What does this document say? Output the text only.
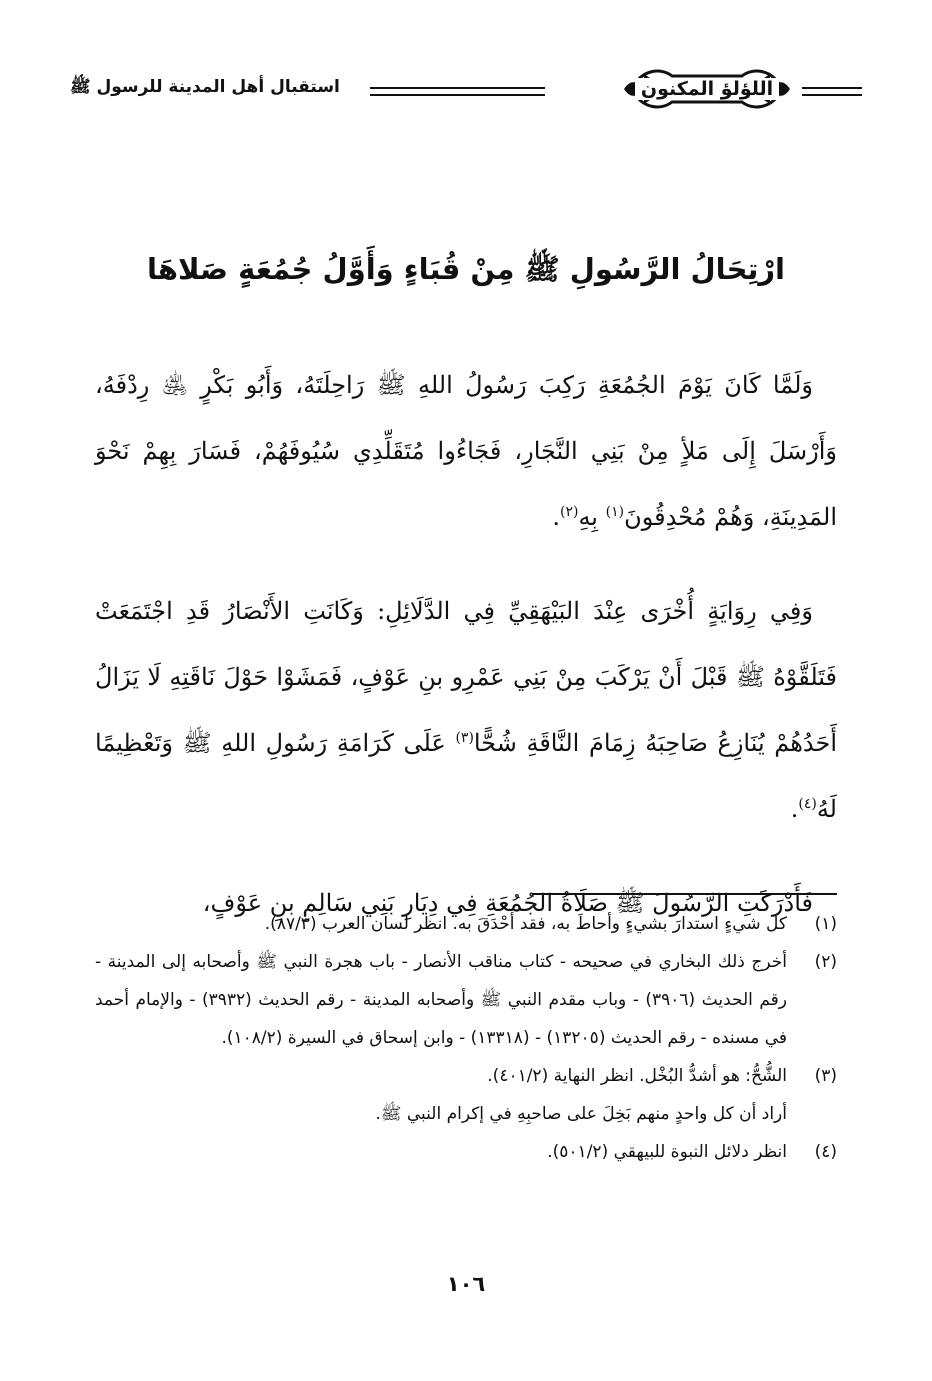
اللؤلؤ المكنون
استقبال أهل المدينة للرسول ﷺ
ارْتِحَالُ الرَّسُولِ ﷺ مِنْ قُبَاءٍ وَأَوَّلُ جُمُعَةٍ صَلاهَا

وَلَمَّا كَانَ يَوْمَ الجُمُعَةِ رَكِبَ رَسُولُ اللهِ ﷺ رَاحِلَتَهُ، وَأَبُو بَكْرٍ ﵁ رِدْفَهُ، وَأَرْسَلَ إِلَى مَلأٍ مِنْ بَنِي النَّجَارِ، فَجَاءُوا مُتَقَلِّدِي سُيُوفَهُمْ، فَسَارَ بِهِمْ نَحْوَ المَدِينَةِ، وَهُمْ مُحْدِقُونَ$^{(١)}$ بِهِ$^{(٢)}$.

وَفِي رِوَايَةٍ أُخْرَى عِنْدَ البَيْهَقِيِّ فِي الدَّلَائِلِ: وَكَانَتِ الأَنْصَارُ قَدِ اجْتَمَعَتْ فَتَلَقَّوْهُ ﷺ قَبْلَ أَنْ يَرْكَبَ مِنْ بَنِي عَمْرِو بنِ عَوْفٍ، فَمَشَوْا حَوْلَ نَاقَتِهِ لَا يَزَالُ أَحَدُهُمْ يُنَازِعُ صَاحِبَهُ زِمَامَ النَّاقَةِ شُحًّا$^{(٣)}$ عَلَى كَرَامَةِ رَسُولِ اللهِ ﷺ وَتَعْظِيمًا لَهُ$^{(٤)}$.

فَأَدْرَكَتِ الرَّسُولَ ﷺ صَلَاةُ الجُمُعَةِ فِي دِيَارِ بَنِي سَالِمِ بنِ عَوْفٍ،

(١)
كل شيءٍ استدارَ بشيءٍ وأحاطَ به، فقد أحْدَقَ به. انظر لسان العرب (٨٧/٣).
(٢)
أخرج ذلك البخاري في صحيحه - كتاب مناقب الأنصار - باب هجرة النبي ﷺ وأصحابه إلى المدينة - رقم الحديث (٣٩٠٦) - وباب مقدم النبي ﷺ وأصحابه المدينة - رقم الحديث (٣٩٣٢) - والإمام أحمد في مسنده - رقم الحديث (١٣٢٠٥) - (١٣٣١٨) - وابن إسحاق في السيرة (١٠٨/٢).
(٣)
الشُّحُّ: هو أشدُّ البُخْل. انظر النهاية (٤٠١/٢).
أراد أن كل واحدٍ منهم بَخِلَ على صاحبِهِ في إكرام النبي ﷺ.
(٤)
انظر دلائل النبوة للبيهقي (٥٠١/٢).
١٠٦
